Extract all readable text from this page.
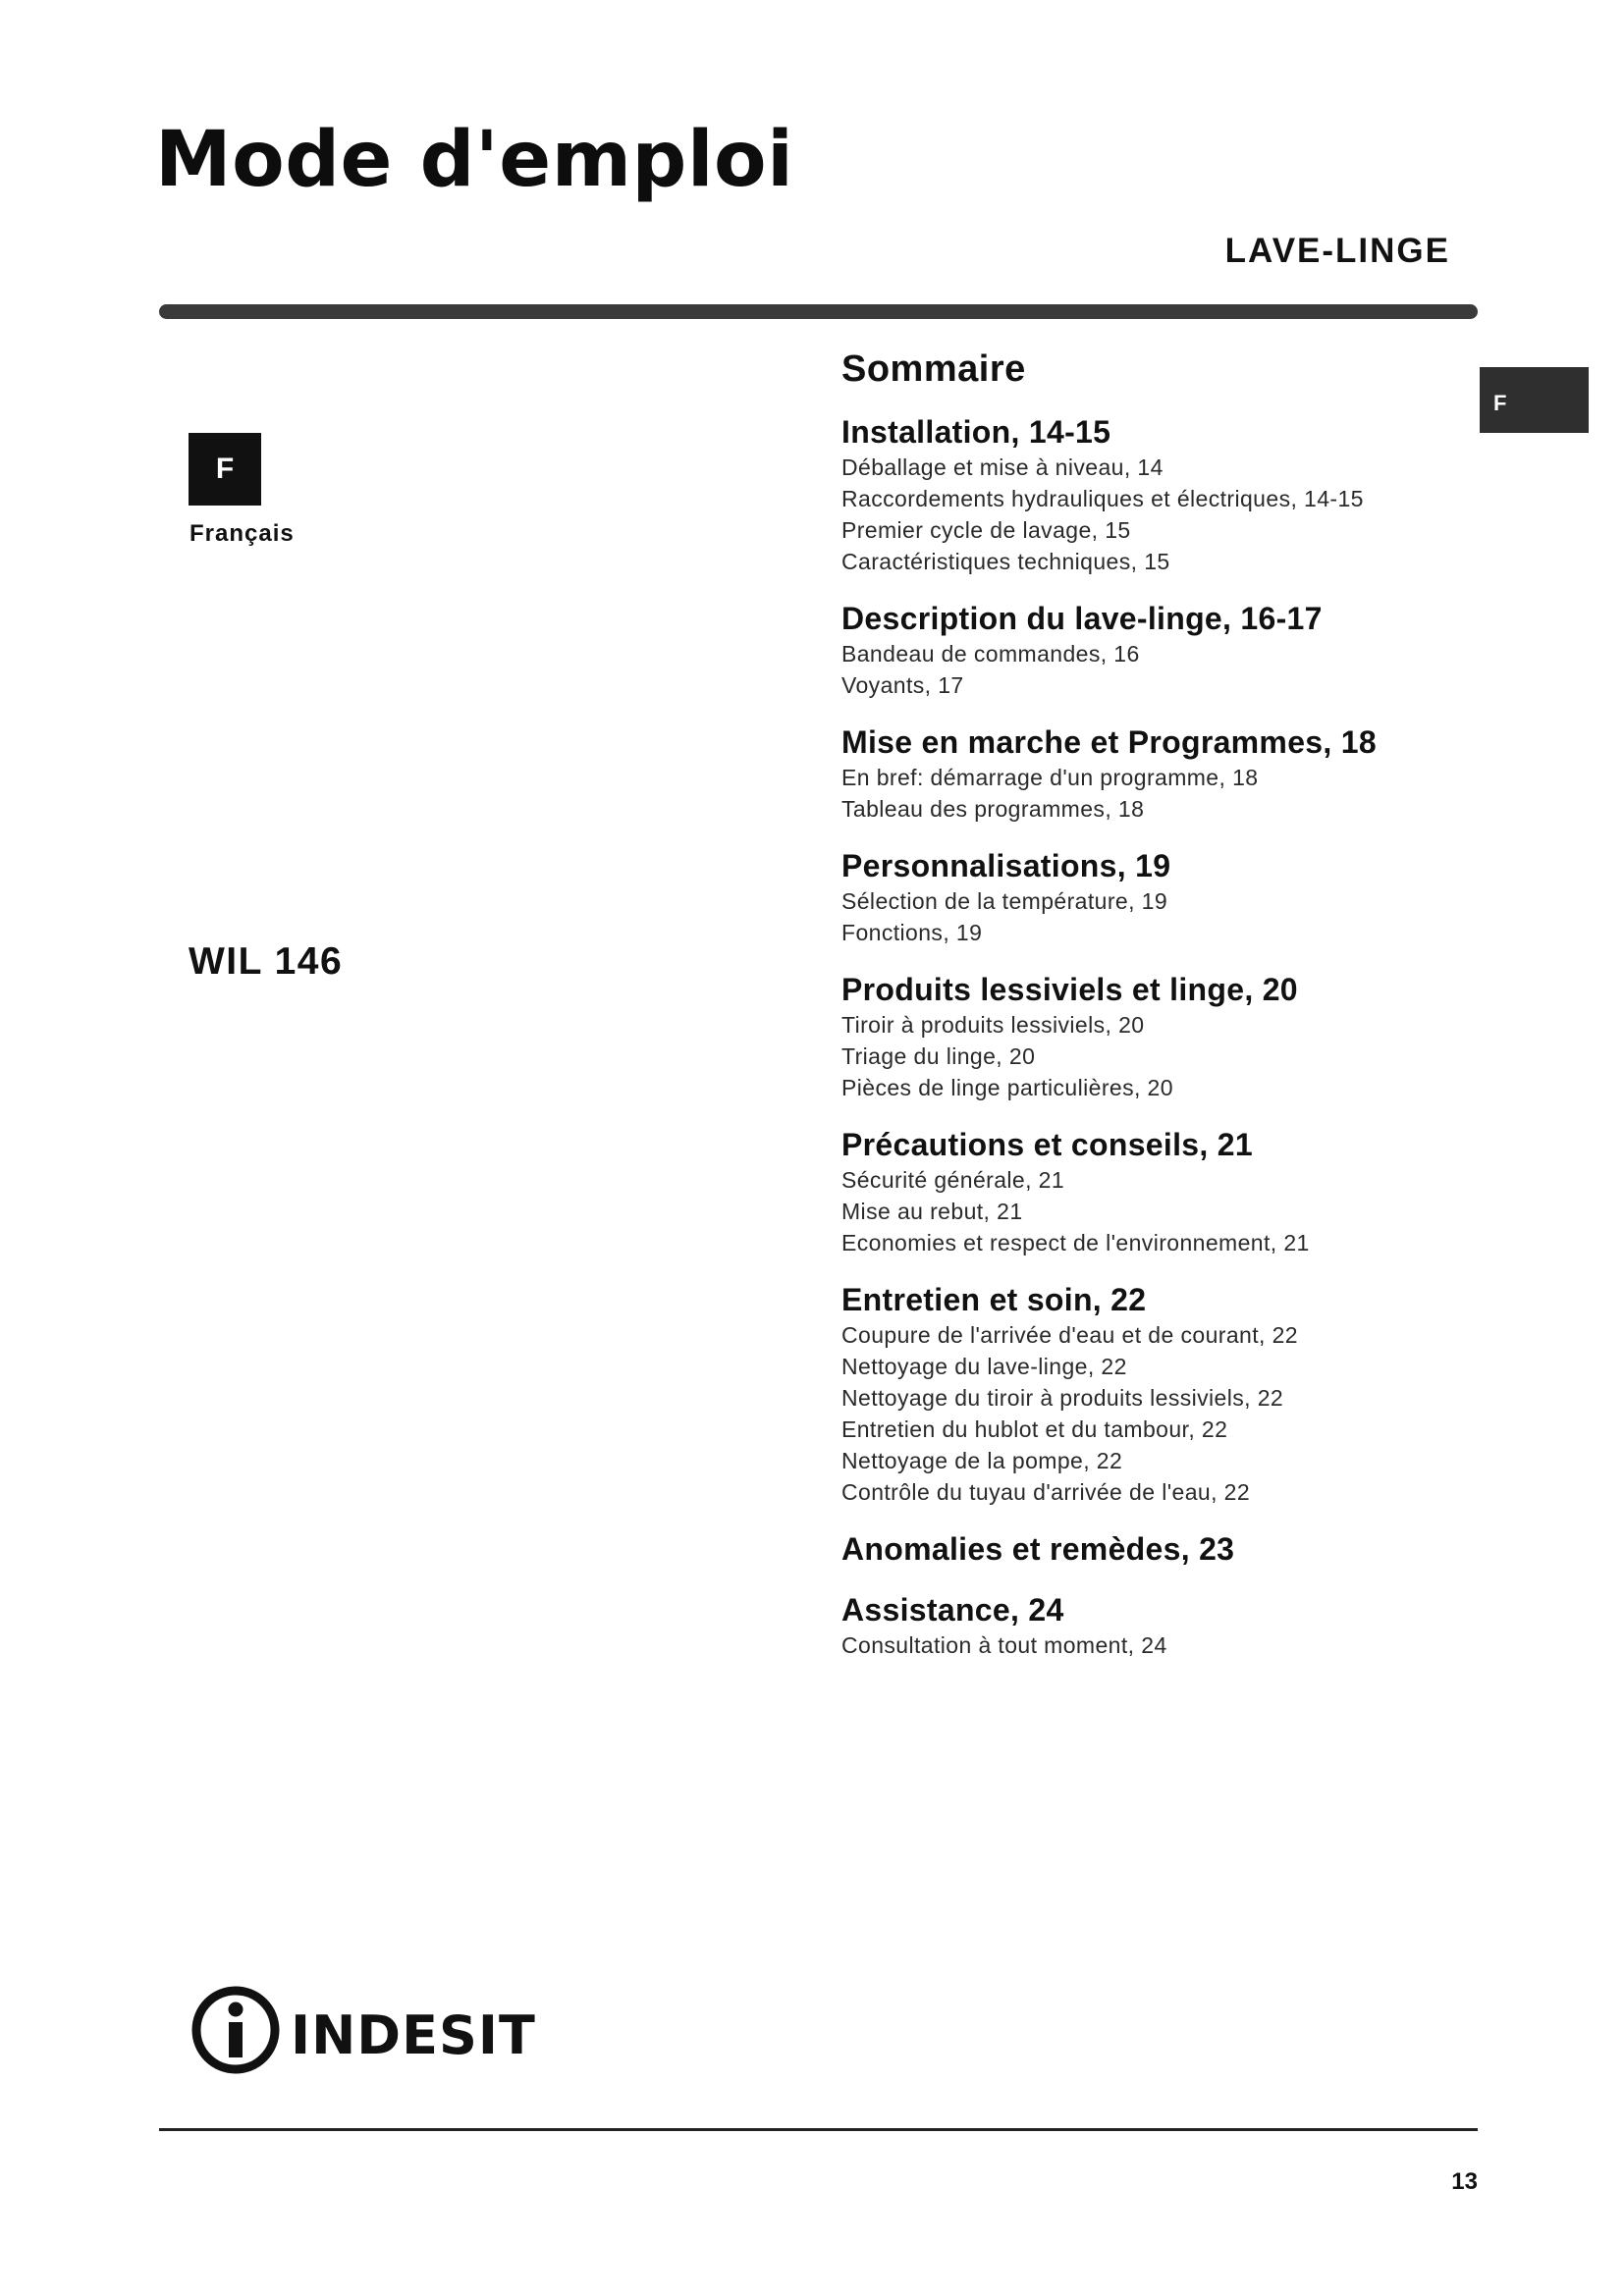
Mode d'emploi
LAVE-LINGE
F
Français
F
WIL 146
Sommaire
Installation, 14-15
Déballage et mise à niveau, 14
Raccordements hydrauliques et électriques, 14-15
Premier cycle de lavage, 15
Caractéristiques techniques, 15
Description du lave-linge, 16-17
Bandeau de commandes, 16
Voyants, 17
Mise en marche et Programmes, 18
En bref: démarrage d'un programme, 18
Tableau des programmes, 18
Personnalisations, 19
Sélection de la température, 19
Fonctions, 19
Produits lessiviels et linge, 20
Tiroir à produits lessiviels, 20
Triage du linge, 20
Pièces de linge particulières, 20
Précautions et conseils, 21
Sécurité générale, 21
Mise au rebut, 21
Economies et respect de l'environnement, 21
Entretien et soin, 22
Coupure de l'arrivée d'eau et de courant, 22
Nettoyage du lave-linge, 22
Nettoyage du tiroir à produits lessiviels, 22
Entretien du hublot et du tambour, 22
Nettoyage de la pompe, 22
Contrôle du tuyau d'arrivée de l'eau, 22
Anomalies et remèdes, 23
Assistance, 24
Consultation à tout moment, 24
INDESIT
13
